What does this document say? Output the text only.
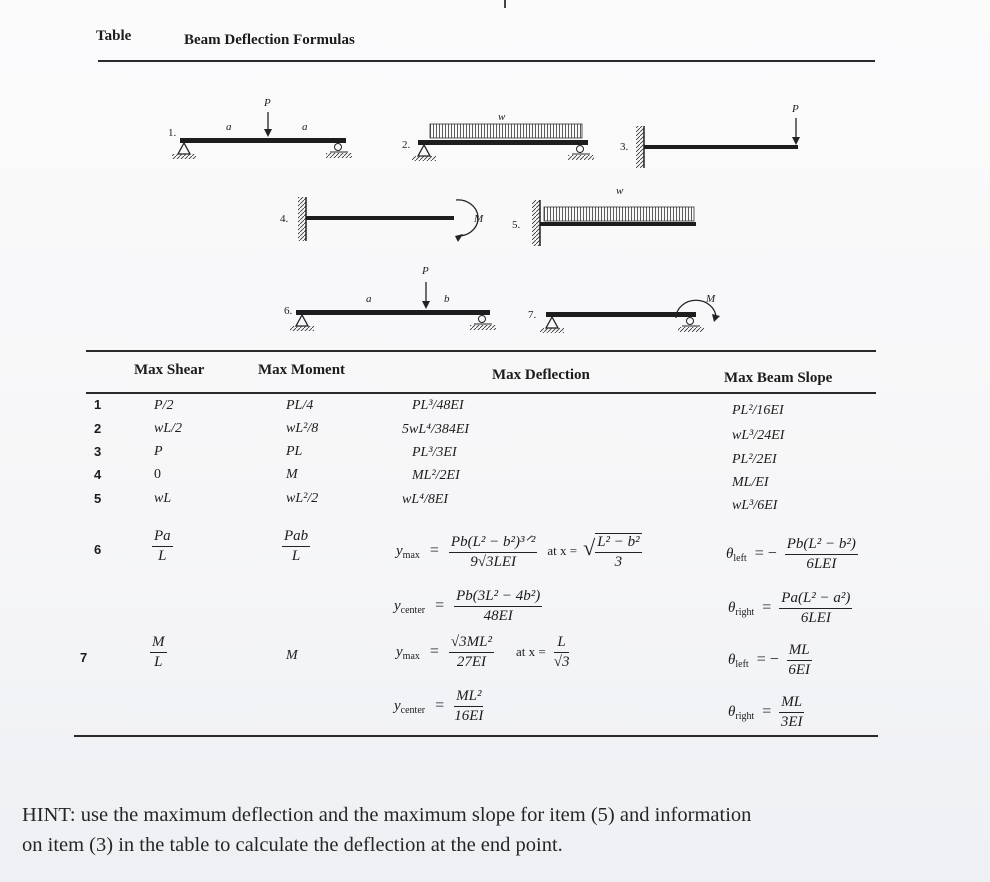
Table	Beam Deflection Formulas
1.
P
a	a
2.
w
3.
P
4.	M	5.
w
6.
P
a	b
7.
M
Max Shear	Max Moment	Max Deflection	Max Beam Slope
1	P/2	PL/4	PL³/48EI	PL²/16EI
2	wL/2	wL²/8	5wL⁴/384EI	wL³/24EI
3	P	PL	PL³/3EI	PL²/2EI
4	0	M	ML²/2EI	ML/EI
5	wL	wL²/2	wL⁴/8EI	wL³/6EI
6	$\frac{Pa}{L}$	$\frac{\text{Pab}}{L}$	$y_{max} = \frac{\text{Pb(L² − b²)³ᐟ²}}{\text{9√3LEI}}$ at x = √ $\frac{\text{L² − b²}}{3}$	$\theta_{left}$ = − $\frac{\text{Pb(L² − b²)}}{\text{6LEI}}$
$y_{center} = \frac{\text{Pb(3L² − 4b²)}}{48EI}$	$\theta_{right} = \frac{\text{Pa(L² − a²)}}{\text{6LEI}}$
7	$\frac{M}{L}$	M	$y_{max} = \frac{\text{√3ML²}}{27EI}$ at $x = \frac{L}{√3}$	$\theta_{left}$ = − $\frac{ML}{6EI}$
$y_{center} = \frac{\text{ML²}}{16EI}$	$\theta_{right} = \frac{ML}{3EI}$
HINT: use the maximum deflection and the maximum slope for item (5) and information
on item (3) in the table to calculate the deflection at the end point.
